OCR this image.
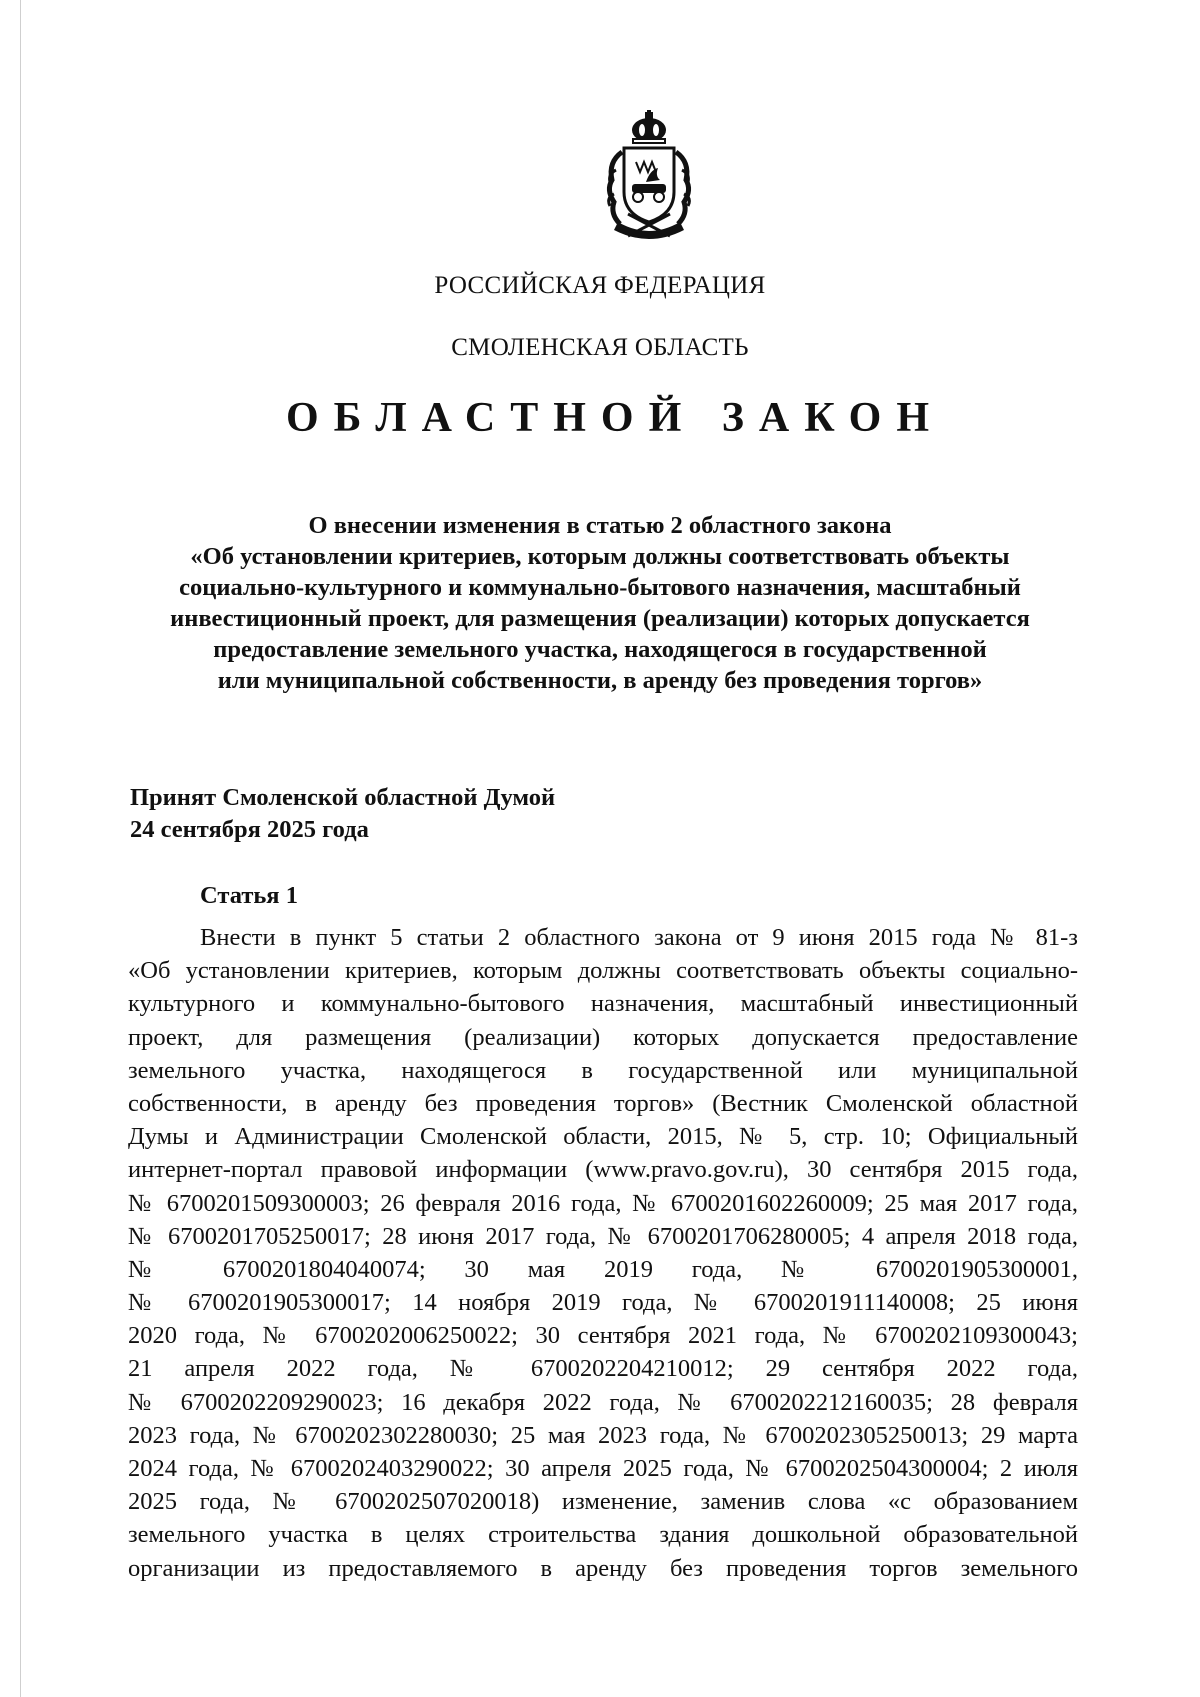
РОССИЙСКАЯ ФЕДЕРАЦИЯ
СМОЛЕНСКАЯ ОБЛАСТЬ
ОБЛАСТНОЙ ЗАКОН
О внесении изменения в статью 2 областного закона
«Об установлении критериев, которым должны соответствовать объекты
социально-культурного и коммунально-бытового назначения, масштабный
инвестиционный проект, для размещения (реализации) которых допускается
предоставление земельного участка, находящегося в государственной
или муниципальной собственности, в аренду без проведения торгов»
Принят Смоленской областной Думой
24 сентября 2025 года
Статья 1
Внести в пункт 5 статьи 2 областного закона от 9 июня 2015 года № 81-з
«Об установлении критериев, которым должны соответствовать объекты социально-
культурного и коммунально-бытового назначения, масштабный инвестиционный
проект, для размещения (реализации) которых допускается предоставление
земельного участка, находящегося в государственной или муниципальной
собственности, в аренду без проведения торгов» (Вестник Смоленской областной
Думы и Администрации Смоленской области, 2015, № 5, стр. 10; Официальный
интернет-портал правовой информации (www.pravo.gov.ru), 30 сентября 2015 года,
№ 6700201509300003; 26 февраля 2016 года, № 6700201602260009; 25 мая 2017 года,
№ 6700201705250017; 28 июня 2017 года, № 6700201706280005; 4 апреля 2018 года,
№ 6700201804040074; 30 мая 2019 года, № 6700201905300001,
№ 6700201905300017; 14 ноября 2019 года, № 6700201911140008; 25 июня
2020 года, № 6700202006250022; 30 сентября 2021 года, № 6700202109300043;
21 апреля 2022 года, № 6700202204210012; 29 сентября 2022 года,
№ 6700202209290023; 16 декабря 2022 года, № 6700202212160035; 28 февраля
2023 года, № 6700202302280030; 25 мая 2023 года, № 6700202305250013; 29 марта
2024 года, № 6700202403290022; 30 апреля 2025 года, № 6700202504300004; 2 июля
2025 года, № 6700202507020018) изменение, заменив слова «с образованием
земельного участка в целях строительства здания дошкольной образовательной
организации из предоставляемого в аренду без проведения торгов земельного
